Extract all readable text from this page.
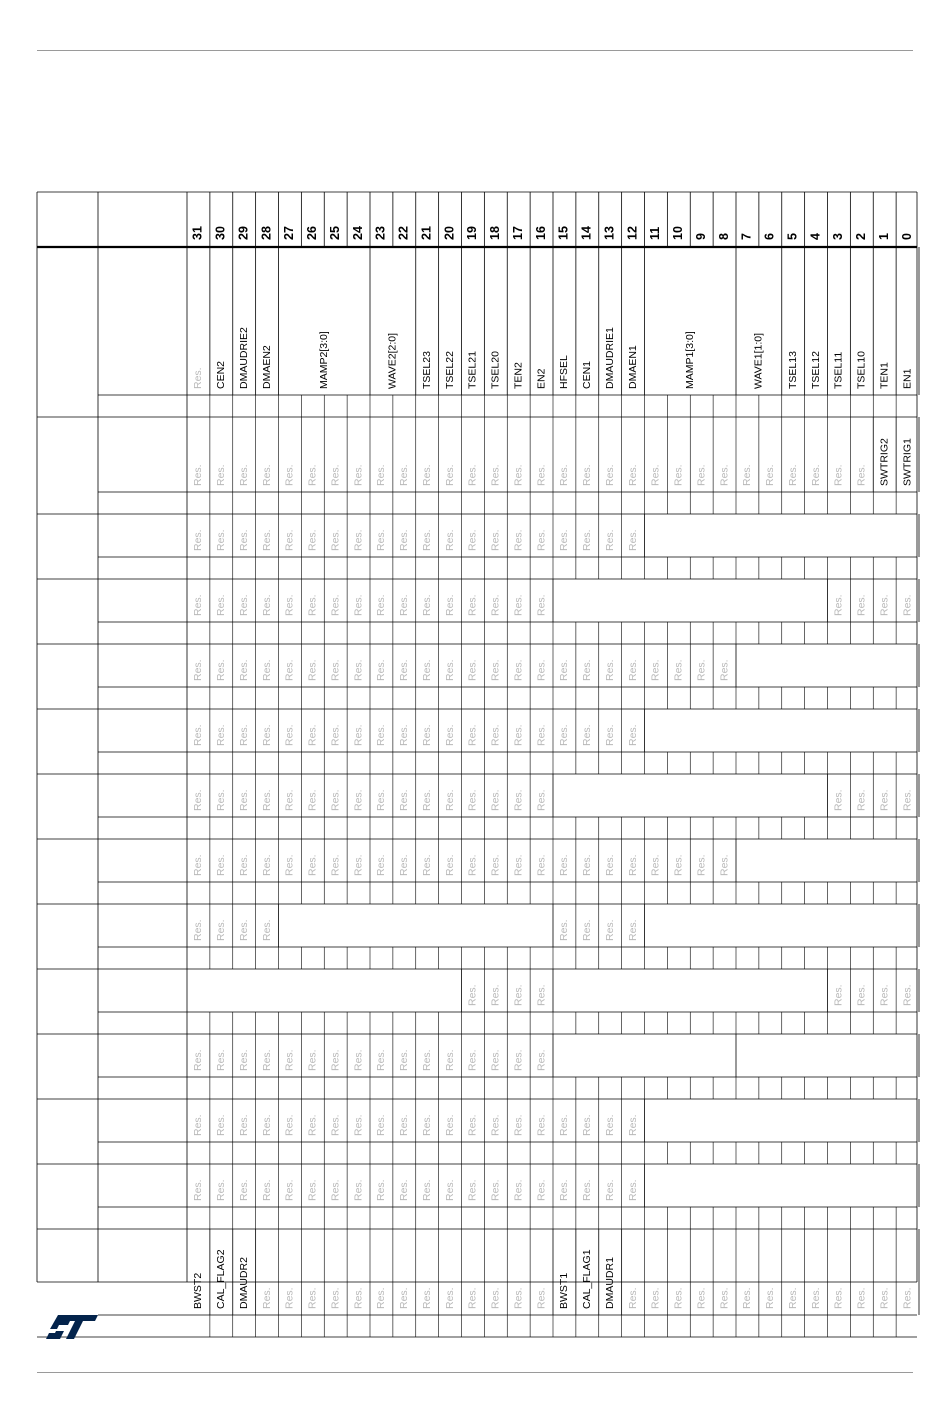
31 30 29 28 27 26 25 24 23 22 21 20 19 18 17 16 15 14 13 12 11 10 9 8 7 6 5 4 3 2 1 0
Res. CEN2 DMAUDRIE2 DMAEN2	MAMP2[3:0]	WAVE2[2:0] TSEL23 TSEL22 TSEL21 TSEL20 TEN2 EN2 HFSEL CEN1 DMAUDRIE1 DMAEN1	MAMP1[3:0]	WAVE1[1:0] TSEL13 TSEL12 TSEL11 TSEL10 TEN1 EN1
Res. Res. Res. Res. Res. Res. Res. Res. Res. Res. Res. Res. Res. Res. Res. Res. Res. Res. Res. Res. Res. Res. Res. Res. Res. Res. Res. Res. Res. Res. SWTRIG2 SWTRIG1
Res. Res. Res. Res. Res. Res. Res. Res. Res. Res. Res. Res. Res. Res. Res. Res. Res. Res. Res. Res.
Res. Res. Res. Res. Res. Res. Res. Res. Res. Res. Res. Res. Res. Res. Res. Res.	Res. Res. Res. Res.
Res. Res. Res. Res. Res. Res. Res. Res. Res. Res. Res. Res. Res. Res. Res. Res. Res. Res. Res. Res. Res. Res. Res. Res.
Res. Res. Res. Res. Res. Res. Res. Res. Res. Res. Res. Res. Res. Res. Res. Res. Res. Res. Res. Res.
Res. Res. Res. Res. Res. Res. Res. Res. Res. Res. Res. Res. Res. Res. Res. Res.	Res. Res. Res. Res.
Res. Res. Res. Res. Res. Res. Res. Res. Res. Res. Res. Res. Res. Res. Res. Res. Res. Res. Res. Res. Res. Res. Res. Res.
Res. Res. Res. Res.	Res. Res. Res. Res.
Res. Res. Res. Res.	Res. Res. Res. Res.
Res. Res. Res. Res. Res. Res. Res. Res. Res. Res. Res. Res. Res. Res. Res. Res.
Res. Res. Res. Res. Res. Res. Res. Res. Res. Res. Res. Res. Res. Res. Res. Res. Res. Res. Res. Res.
Res. Res. Res. Res. Res. Res. Res. Res. Res. Res. Res. Res. Res. Res. Res. Res. Res. Res. Res. Res.
BWST2 CAL_FLAG2 DMAUDR2 Res. Res. Res. Res. Res. Res. Res. Res. Res. Res. Res. Res. Res. BWST1 CAL_FLAG1 DMAUDR1 Res. Res. Res. Res. Res. Res. Res. Res. Res. Res. Res. Res. Res.
